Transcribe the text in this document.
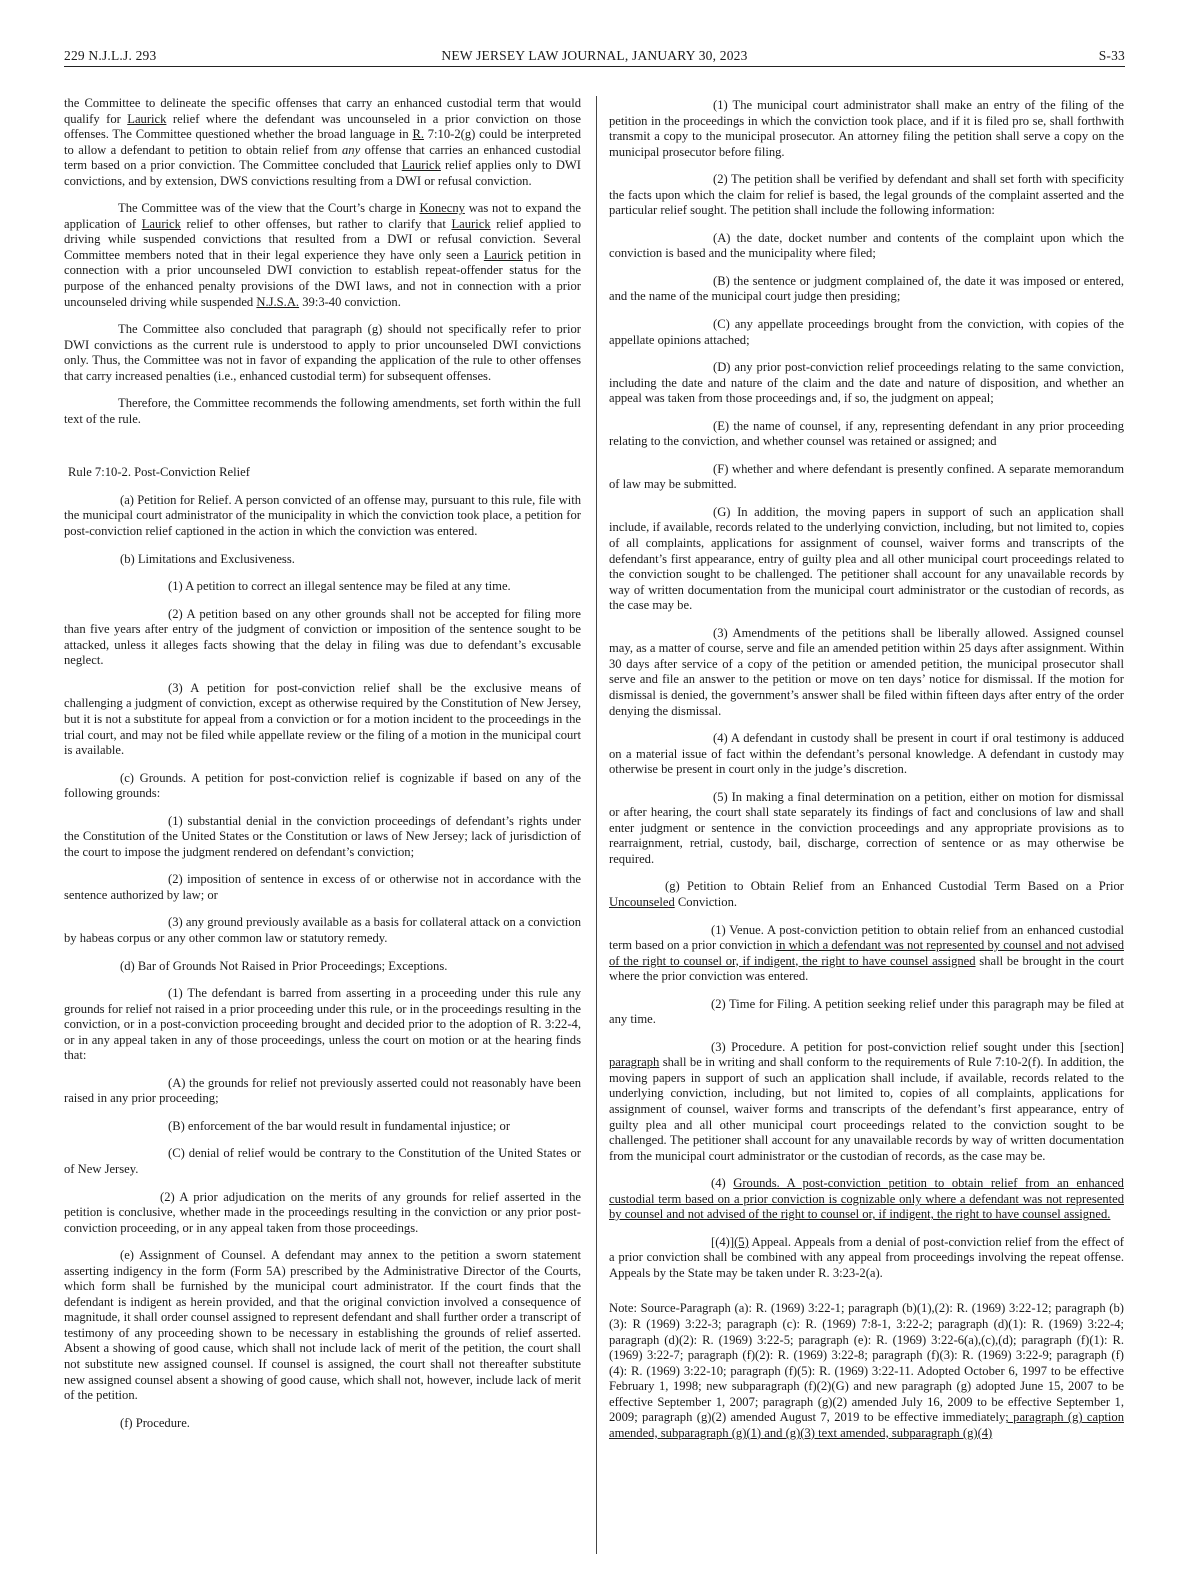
229 N.J.L.J. 293	NEW JERSEY LAW JOURNAL, JANUARY 30, 2023	S-33

the Committee to delineate the specific offenses that carry an enhanced custodial term that would qualify for Laurick relief where the defendant was uncounseled in a prior conviction on those offenses. The Committee questioned whether the broad language in R. 7:10-2(g) could be interpreted to allow a defendant to petition to obtain relief from any offense that carries an enhanced custodial term based on a prior conviction. The Committee concluded that Laurick relief applies only to DWI convictions, and by extension, DWS convictions resulting from a DWI or refusal conviction.

The Committee was of the view that the Court’s charge in Konecny was not to expand the application of Laurick relief to other offenses, but rather to clarify that Laurick relief applied to driving while suspended convictions that resulted from a DWI or refusal conviction. Several Committee members noted that in their legal experience they have only seen a Laurick petition in connection with a prior uncounseled DWI conviction to establish repeat-offender status for the purpose of the enhanced penalty provisions of the DWI laws, and not in connection with a prior uncounseled driving while suspended N.J.S.A. 39:3-40 conviction.

The Committee also concluded that paragraph (g) should not specifically refer to prior DWI convictions as the current rule is understood to apply to prior uncounseled DWI convictions only. Thus, the Committee was not in favor of expanding the application of the rule to other offenses that carry increased penalties (i.e., enhanced custodial term) for subsequent offenses.

Therefore, the Committee recommends the following amendments, set forth within the full text of the rule.

Rule 7:10-2. Post-Conviction Relief

(a) Petition for Relief. A person convicted of an offense may, pursuant to this rule, file with the municipal court administrator of the municipality in which the conviction took place, a petition for post-conviction relief captioned in the action in which the conviction was entered.

(b) Limitations and Exclusiveness.

(1) A petition to correct an illegal sentence may be filed at any time.

(2) A petition based on any other grounds shall not be accepted for filing more than five years after entry of the judgment of conviction or imposition of the sentence sought to be attacked, unless it alleges facts showing that the delay in filing was due to defendant’s excusable neglect.

(3) A petition for post-conviction relief shall be the exclusive means of challenging a judgment of conviction, except as otherwise required by the Constitution of New Jersey, but it is not a substitute for appeal from a conviction or for a motion incident to the proceedings in the trial court, and may not be filed while appellate review or the filing of a motion in the municipal court is available.

(c) Grounds. A petition for post-conviction relief is cognizable if based on any of the following grounds:

(1) substantial denial in the conviction proceedings of defendant’s rights under the Constitution of the United States or the Constitution or laws of New Jersey; lack of jurisdiction of the court to impose the judgment rendered on defendant’s conviction;

(2) imposition of sentence in excess of or otherwise not in accordance with the sentence authorized by law; or

(3) any ground previously available as a basis for collateral attack on a conviction by habeas corpus or any other common law or statutory remedy.

(d) Bar of Grounds Not Raised in Prior Proceedings; Exceptions.

(1) The defendant is barred from asserting in a proceeding under this rule any grounds for relief not raised in a prior proceeding under this rule, or in the proceedings resulting in the conviction, or in a post-conviction proceeding brought and decided prior to the adoption of R. 3:22-4, or in any appeal taken in any of those proceedings, unless the court on motion or at the hearing finds that:

(A) the grounds for relief not previously asserted could not reasonably have been raised in any prior proceeding;

(B) enforcement of the bar would result in fundamental injustice; or

(C) denial of relief would be contrary to the Constitution of the United States or of New Jersey.

(2) A prior adjudication on the merits of any grounds for relief asserted in the petition is conclusive, whether made in the proceedings resulting in the conviction or any prior post-conviction proceeding, or in any appeal taken from those proceedings.

(e) Assignment of Counsel. A defendant may annex to the petition a sworn statement asserting indigency in the form (Form 5A) prescribed by the Administrative Director of the Courts, which form shall be furnished by the municipal court administrator. If the court finds that the defendant is indigent as herein provided, and that the original conviction involved a consequence of magnitude, it shall order counsel assigned to represent defendant and shall further order a transcript of testimony of any proceeding shown to be necessary in establishing the grounds of relief asserted. Absent a showing of good cause, which shall not include lack of merit of the petition, the court shall not substitute new assigned counsel. If counsel is assigned, the court shall not thereafter substitute new assigned counsel absent a showing of good cause, which shall not, however, include lack of merit of the petition.

(f) Procedure.

(1) The municipal court administrator shall make an entry of the filing of the petition in the proceedings in which the conviction took place, and if it is filed pro se, shall forthwith transmit a copy to the municipal prosecutor. An attorney filing the petition shall serve a copy on the municipal prosecutor before filing.

(2) The petition shall be verified by defendant and shall set forth with specificity the facts upon which the claim for relief is based, the legal grounds of the complaint asserted and the particular relief sought. The petition shall include the following information:

(A) the date, docket number and contents of the complaint upon which the conviction is based and the municipality where filed;

(B) the sentence or judgment complained of, the date it was imposed or entered, and the name of the municipal court judge then presiding;

(C) any appellate proceedings brought from the conviction, with copies of the appellate opinions attached;

(D) any prior post-conviction relief proceedings relating to the same conviction, including the date and nature of the claim and the date and nature of disposition, and whether an appeal was taken from those proceedings and, if so, the judgment on appeal;

(E) the name of counsel, if any, representing defendant in any prior proceeding relating to the conviction, and whether counsel was retained or assigned; and

(F) whether and where defendant is presently confined. A separate memorandum of law may be submitted.

(G) In addition, the moving papers in support of such an application shall include, if available, records related to the underlying conviction, including, but not limited to, copies of all complaints, applications for assignment of counsel, waiver forms and transcripts of the defendant’s first appearance, entry of guilty plea and all other municipal court proceedings related to the conviction sought to be challenged. The petitioner shall account for any unavailable records by way of written documentation from the municipal court administrator or the custodian of records, as the case may be.

(3) Amendments of the petitions shall be liberally allowed. Assigned counsel may, as a matter of course, serve and file an amended petition within 25 days after assignment. Within 30 days after service of a copy of the petition or amended petition, the municipal prosecutor shall serve and file an answer to the petition or move on ten days’ notice for dismissal. If the motion for dismissal is denied, the government’s answer shall be filed within fifteen days after entry of the order denying the dismissal.

(4) A defendant in custody shall be present in court if oral testimony is adduced on a material issue of fact within the defendant’s personal knowledge. A defendant in custody may otherwise be present in court only in the judge’s discretion.

(5) In making a final determination on a petition, either on motion for dismissal or after hearing, the court shall state separately its findings of fact and conclusions of law and shall enter judgment or sentence in the conviction proceedings and any appropriate provisions as to rearraignment, retrial, custody, bail, discharge, correction of sentence or as may otherwise be required.

(g) Petition to Obtain Relief from an Enhanced Custodial Term Based on a Prior Uncounseled Conviction.

(1) Venue. A post-conviction petition to obtain relief from an enhanced custodial term based on a prior conviction in which a defendant was not represented by counsel and not advised of the right to counsel or, if indigent, the right to have counsel assigned shall be brought in the court where the prior conviction was entered.

(2) Time for Filing. A petition seeking relief under this paragraph may be filed at any time.

(3) Procedure. A petition for post-conviction relief sought under this [section] paragraph shall be in writing and shall conform to the requirements of Rule 7:10-2(f). In addition, the moving papers in support of such an application shall include, if available, records related to the underlying conviction, including, but not limited to, copies of all complaints, applications for assignment of counsel, waiver forms and transcripts of the defendant’s first appearance, entry of guilty plea and all other municipal court proceedings related to the conviction sought to be challenged. The petitioner shall account for any unavailable records by way of written documentation from the municipal court administrator or the custodian of records, as the case may be.

(4) Grounds. A post-conviction petition to obtain relief from an enhanced custodial term based on a prior conviction is cognizable only where a defendant was not represented by counsel and not advised of the right to counsel or, if indigent, the right to have counsel assigned.

[(4)](5) Appeal. Appeals from a denial of post-conviction relief from the effect of a prior conviction shall be combined with any appeal from proceedings involving the repeat offense. Appeals by the State may be taken under R. 3:23-2(a).

Note: Source-Paragraph (a): R. (1969) 3:22-1; paragraph (b)(1),(2): R. (1969) 3:22-12; paragraph (b)(3): R (1969) 3:22-3; paragraph (c): R. (1969) 7:8-1, 3:22-2; paragraph (d)(1): R. (1969) 3:22-4; paragraph (d)(2): R. (1969) 3:22-5; paragraph (e): R. (1969) 3:22-6(a),(c),(d); paragraph (f)(1): R. (1969) 3:22-7; paragraph (f)(2): R. (1969) 3:22-8; paragraph (f)(3): R. (1969) 3:22-9; paragraph (f)(4): R. (1969) 3:22-10; paragraph (f)(5): R. (1969) 3:22-11. Adopted October 6, 1997 to be effective February 1, 1998; new subparagraph (f)(2)(G) and new paragraph (g) adopted June 15, 2007 to be effective September 1, 2007; paragraph (g)(2) amended July 16, 2009 to be effective September 1, 2009; paragraph (g)(2) amended August 7, 2019 to be effective immediately; paragraph (g) caption amended, subparagraph (g)(1) and (g)(3) text amended, subparagraph (g)(4)
